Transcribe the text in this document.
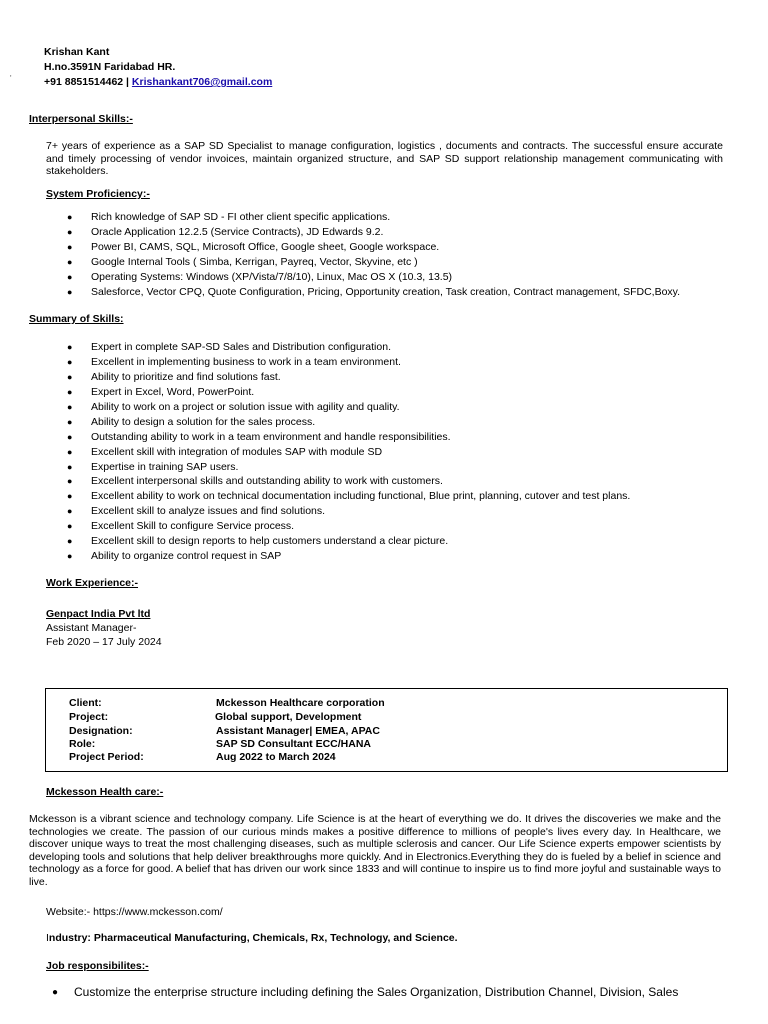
'
Krishan Kant
H.no.3591N Faridabad HR.
+91 8851514462 | Krishankant706@gmail.com
Interpersonal Skills:-
7+ years of experience as a SAP SD Specialist to manage configuration, logistics , documents and contracts. The successful ensure accurate and timely processing of vendor invoices, maintain organized structure, and SAP SD support relationship management communicating with stakeholders.
System Proficiency:-
● Rich knowledge of SAP SD - FI other client specific applications.
● Oracle Application 12.2.5 (Service Contracts), JD Edwards 9.2.
● Power BI, CAMS, SQL, Microsoft Office, Google sheet, Google workspace.
● Google Internal Tools ( Simba, Kerrigan, Payreq, Vector, Skyvine, etc )
● Operating Systems: Windows (XP/Vista/7/8/10), Linux, Mac OS X (10.3, 13.5)
● Salesforce, Vector CPQ, Quote Configuration, Pricing, Opportunity creation, Task creation, Contract management, SFDC,Boxy.
Summary of Skills:
● Expert in complete SAP-SD Sales and Distribution configuration.
● Excellent in implementing business to work in a team environment.
● Ability to prioritize and find solutions fast.
● Expert in Excel, Word, PowerPoint.
● Ability to work on a project or solution issue with agility and quality.
● Ability to design a solution for the sales process.
● Outstanding ability to work in a team environment and handle responsibilities.
● Excellent skill with integration of modules SAP with module SD
● Expertise in training SAP users.
● Excellent interpersonal skills and outstanding ability to work with customers.
● Excellent ability to work on technical documentation including functional, Blue print, planning, cutover and test plans.
● Excellent skill to analyze issues and find solutions.
● Excellent Skill to configure Service process.
● Excellent skill to design reports to help customers understand a clear picture.
● Ability to organize control request in SAP
Work Experience:-
Genpact India Pvt ltd
Assistant Manager-
Feb 2020 – 17 July 2024
Client:	Mckesson Healthcare corporation
Project:	Global support, Development
Designation:	Assistant Manager| EMEA, APAC
Role:	SAP SD Consultant ECC/HANA
Project Period:	Aug 2022 to March 2024
Mckesson Health care:-
Mckesson is a vibrant science and technology company. Life Science is at the heart of everything we do. It drives the discoveries we make and the technologies we create. The passion of our curious minds makes a positive difference to millions of people's lives every day. In Healthcare, we discover unique ways to treat the most challenging diseases, such as multiple sclerosis and cancer. Our Life Science experts empower scientists by developing tools and solutions that help deliver breakthroughs more quickly. And in Electronics.Everything they do is fueled by a belief in science and technology as a force for good. A belief that has driven our work since 1833 and will continue to inspire us to find more joyful and sustainable ways to live.
Website:- https://www.mckesson.com/
Industry: Pharmaceutical Manufacturing, Chemicals, Rx, Technology, and Science.
Job responsibilites:-
● Customize the enterprise structure including defining the Sales Organization, Distribution Channel, Division, Sales
